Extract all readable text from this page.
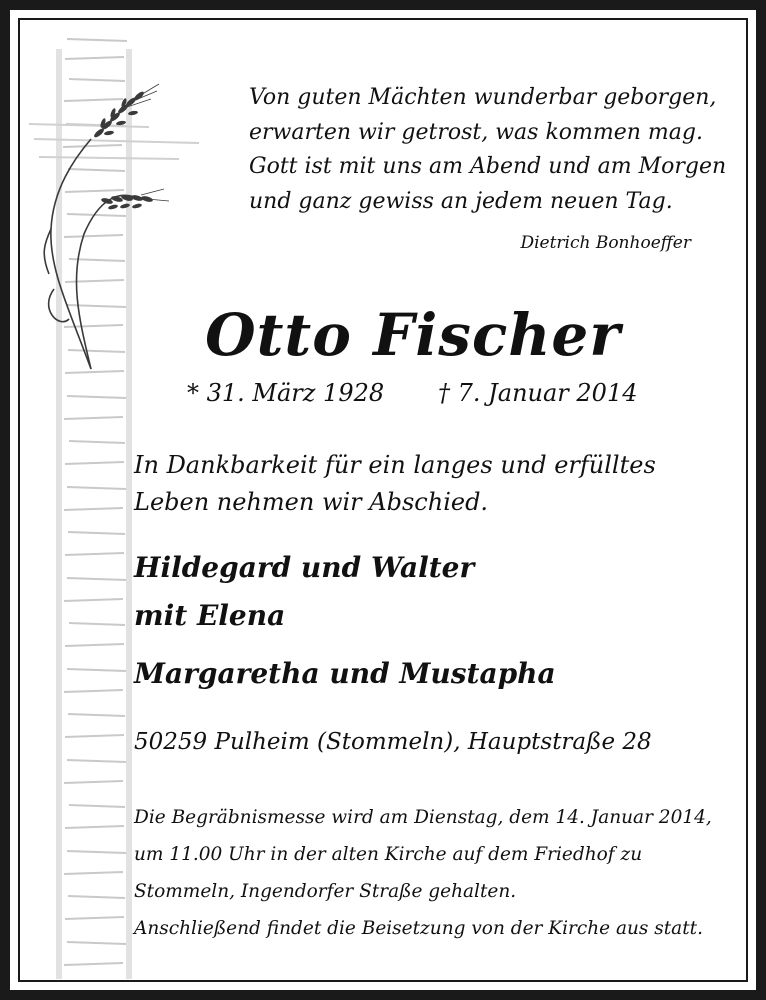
Von guten Mächten wunderbar geborgen,
erwarten wir getrost, was kommen mag.
Gott ist mit uns am Abend und am Morgen
und ganz gewiss an jedem neuen Tag.
Dietrich Bonhoeffer
Otto Fischer
* 31. März 1928 † 7. Januar 2014
In Dankbarkeit für ein langes und erfülltes
Leben nehmen wir Abschied.
Hildegard und Walter
mit Elena
Margaretha und Mustapha
50259 Pulheim (Stommeln), Hauptstraße 28
Die Begräbnismesse wird am Dienstag, dem 14. Januar 2014,
um 11.00 Uhr in der alten Kirche auf dem Friedhof zu
Stommeln, Ingendorfer Straße gehalten.
Anschließend findet die Beisetzung von der Kirche aus statt.
